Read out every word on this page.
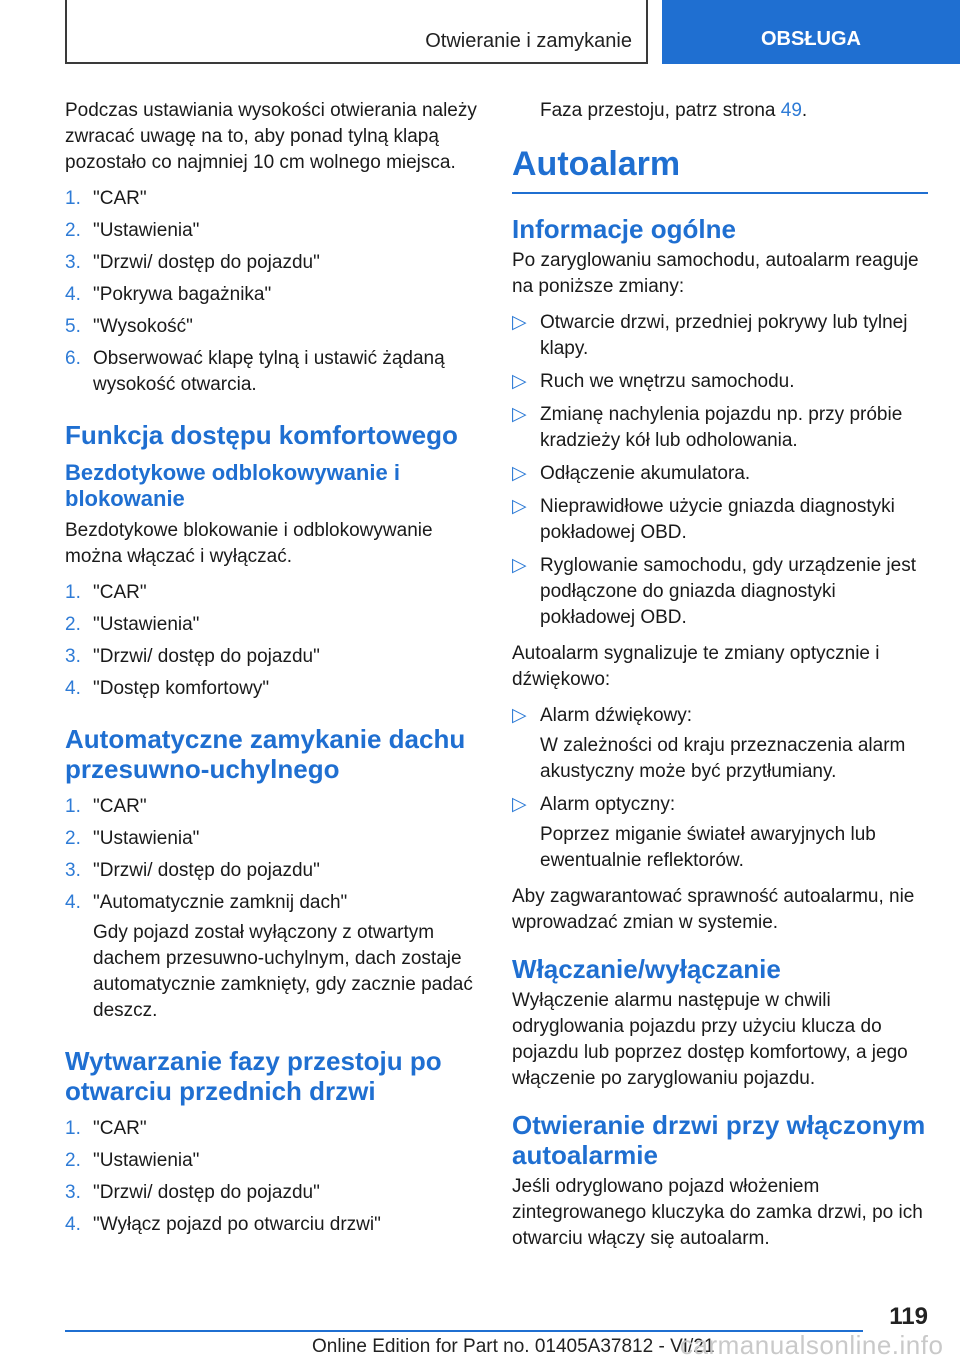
Otwieranie i zamykanie	OBSŁUGA

Podczas ustawiania wysokości otwierania należy zwracać uwagę na to, aby ponad tylną klapą pozostało co najmniej 10 cm wolnego miejsca.

1. "CAR"
2. "Ustawienia"
3. "Drzwi/ dostęp do pojazdu"
4. "Pokrywa bagażnika"
5. "Wysokość"
6. Obserwować klapę tylną i ustawić żądaną wysokość otwarcia.
Funkcja dostępu komfortowego
Bezdotykowe odblokowywanie i blokowanie

Bezdotykowe blokowanie i odblokowywanie można włączać i wyłączać.

1. "CAR"
2. "Ustawienia"
3. "Drzwi/ dostęp do pojazdu"
4. "Dostęp komfortowy"
Automatyczne zamykanie dachu przesuwno-uchylnego
1. "CAR"
2. "Ustawienia"
3. "Drzwi/ dostęp do pojazdu"
4. "Automatycznie zamknij dach"

Gdy pojazd został wyłączony z otwartym dachem przesuwno-uchylnym, dach zostaje automatycznie zamknięty, gdy zacznie padać deszcz.

Wytwarzanie fazy przestoju po otwarciu przednich drzwi
1. "CAR"
2. "Ustawienia"
3. "Drzwi/ dostęp do pojazdu"
4. "Wyłącz pojazd po otwarciu drzwi"

Faza przestoju, patrz strona 49.

Autoalarm
Informacje ogólne

Po zaryglowaniu samochodu, autoalarm reaguje na poniższe zmiany:

▷ Otwarcie drzwi, przedniej pokrywy lub tylnej klapy.
▷ Ruch we wnętrzu samochodu.
▷ Zmianę nachylenia pojazdu np. przy próbie kradzieży kół lub odholowania.
▷ Odłączenie akumulatora.
▷ Nieprawidłowe użycie gniazda diagnostyki pokładowej OBD.
▷ Ryglowanie samochodu, gdy urządzenie jest podłączone do gniazda diagnostyki pokładowej OBD.

Autoalarm sygnalizuje te zmiany optycznie i dźwiękowo:

▷ Alarm dźwiękowy:

W zależności od kraju przeznaczenia alarm akustyczny może być przytłumiany.

▷ Alarm optyczny:

Poprzez miganie świateł awaryjnych lub ewentualnie reflektorów.

Aby zagwarantować sprawność autoalarmu, nie wprowadzać zmian w systemie.

Włączanie/wyłączanie

Wyłączenie alarmu następuje w chwili odryglowania pojazdu przy użyciu klucza do pojazdu lub poprzez dostęp komfortowy, a jego włączenie po zaryglowaniu pojazdu.

Otwieranie drzwi przy włączonym autoalarmie

Jeśli odryglowano pojazd włożeniem zintegrowanego kluczyka do zamka drzwi, po ich otwarciu włączy się autoalarm.

119
Online Edition for Part no. 01405A37812 - VI/21
carmanualsonline.info
